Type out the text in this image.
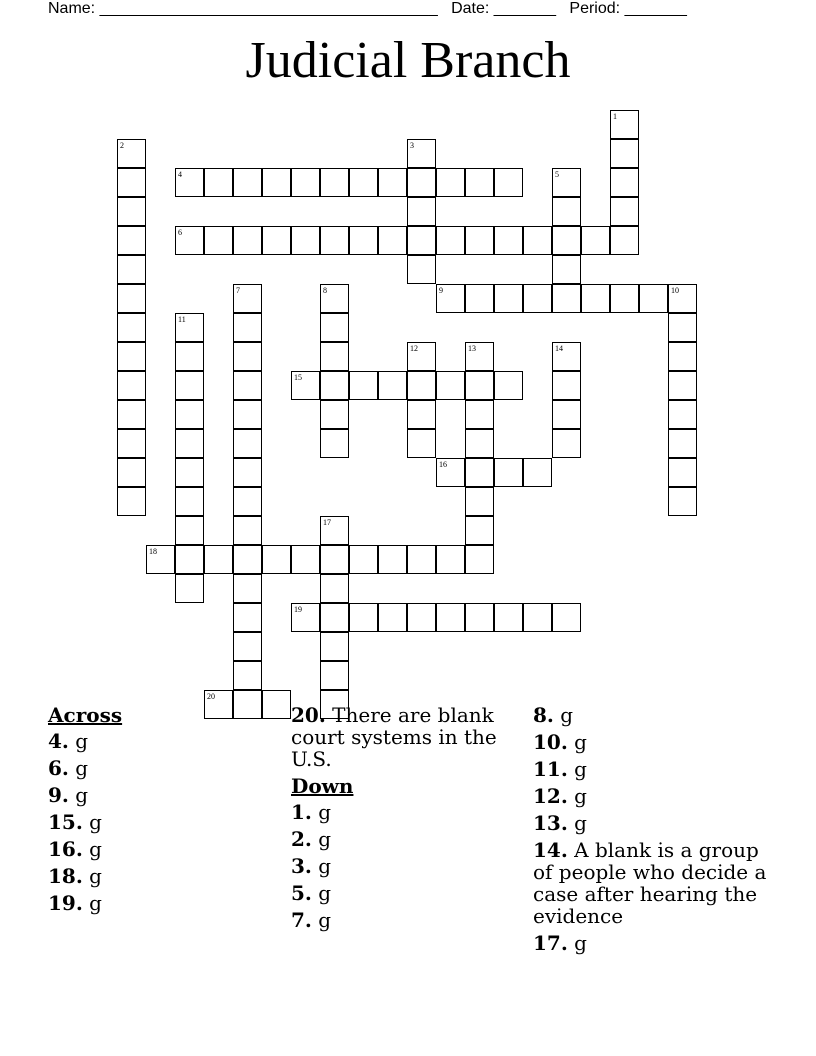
Name: ______________________________________ Date: _______ Period: _______
Judicial Branch
1
2	3
4	5
6
7	8	9	10
11
12	13	14
15
16
17
18
19
20
Across
4. g
6. g
9. g
15. g
16. g
18. g
19. g
20. There are blank court systems in the U.S.
Down
1. g
2. g
3. g
5. g
7. g
8. g
10. g
11. g
12. g
13. g
14. A blank is a group of people who decide a case after hearing the evidence
17. g
